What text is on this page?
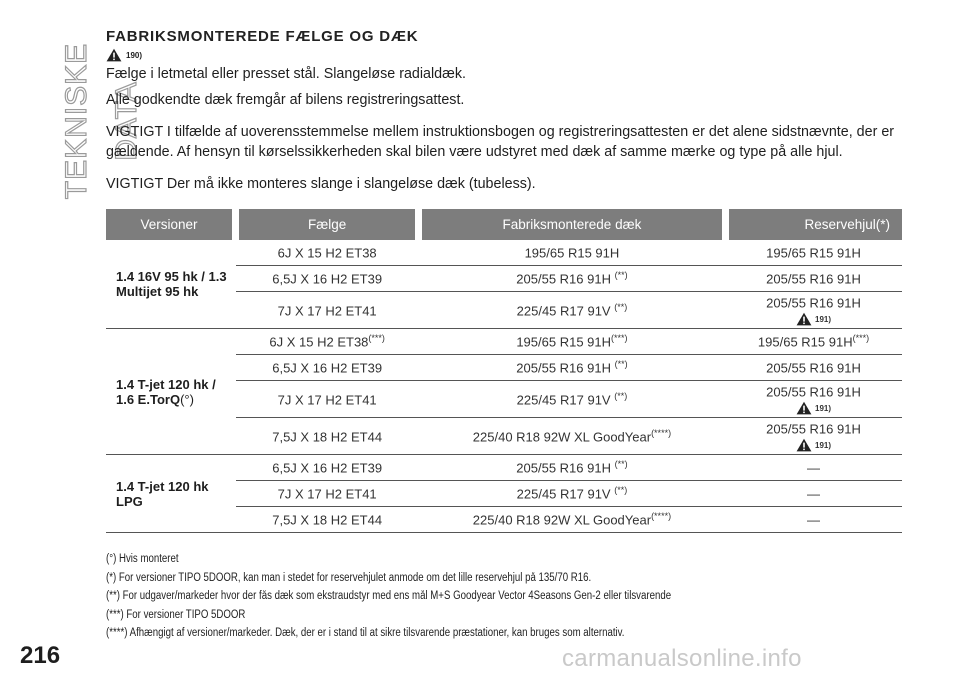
TEKNISKE DATA
FABRIKSMONTEREDE FÆLGE OG DÆK
190)

Fælge i letmetal eller presset stål. Slangeløse radialdæk.

Alle godkendte dæk fremgår af bilens registreringsattest.

VIGTIGT I tilfælde af uoverensstemmelse mellem instruktionsbogen og registreringsattesten er det alene sidstnævnte, der er gældende. Af hensyn til kørselssikkerheden skal bilen være udstyret med dæk af samme mærke og type på alle hjul.

VIGTIGT Der må ikke monteres slange i slangeløse dæk (tubeless).

Versioner	Fælge	Fabriksmonterede dæk	Reservehjul(*)
1.4 16V 95 hk / 1.3 Multijet 95 hk	6J X 15 H2 ET38	195/65 R15 91H	195/65 R15 91H
	6,5J X 16 H2 ET39	205/55 R16 91H (**)	205/55 R16 91H
	7J X 17 H2 ET41	225/45 R17 91V (**)	205/55 R16 91H
191)

1.4 T-jet 120 hk / 1.6 E.TorQ(°)	6J X 15 H2 ET38(***)	195/65 R15 91H(***)	195/65 R15 91H(***)
	6,5J X 16 H2 ET39	205/55 R16 91H (**)	205/55 R16 91H
	7J X 17 H2 ET41	225/45 R17 91V (**)	205/55 R16 91H
191)

	7,5J X 18 H2 ET44	225/40 R18 92W XL GoodYear(****)	205/55 R16 91H
191)

1.4 T-jet 120 hk LPG	6,5J X 16 H2 ET39	205/55 R16 91H (**)	—
	7J X 17 H2 ET41	225/45 R17 91V (**)	—
	7,5J X 18 H2 ET44	225/40 R18 92W XL GoodYear(****)	—

(°) Hvis monteret

(*) For versioner TIPO 5DOOR, kan man i stedet for reservehjulet anmode om det lille reservehjul på 135/70 R16.

(**) For udgaver/markeder hvor der fås dæk som ekstraudstyr med ens mål M+S Goodyear Vector 4Seasons Gen-2 eller tilsvarende

(***) For versioner TIPO 5DOOR

(****) Afhængigt af versioner/markeder. Dæk, der er i stand til at sikre tilsvarende præstationer, kan bruges som alternativ.

216	carmanualsonline.info
